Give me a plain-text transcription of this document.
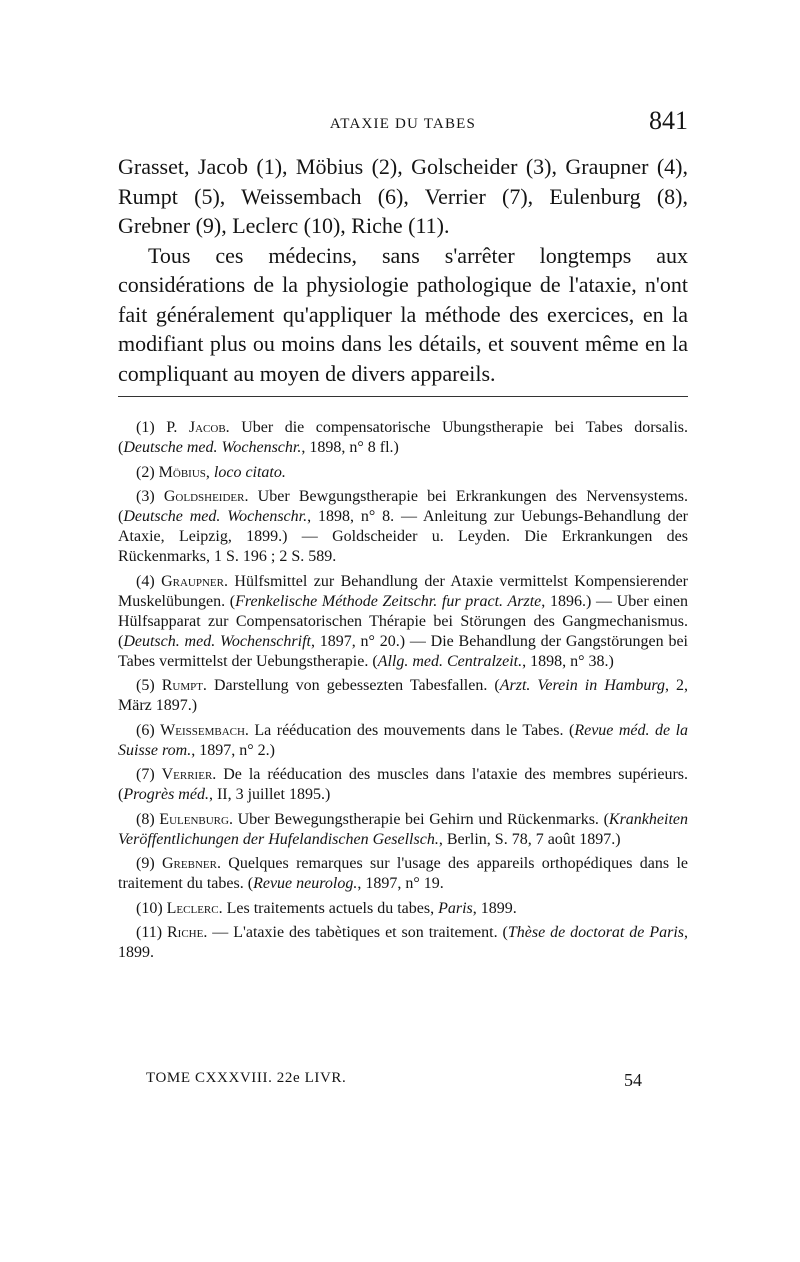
ATAXIE DU TABES	841

Grasset, Jacob (1), Möbius (2), Golscheider (3), Graupner (4), Rumpt (5), Weissembach (6), Verrier (7), Eulenburg (8), Grebner (9), Leclerc (10), Riche (11).

Tous ces médecins, sans s'arrêter longtemps aux considérations de la physiologie pathologique de l'ataxie, n'ont fait généralement qu'appliquer la méthode des exercices, en la modifiant plus ou moins dans les détails, et souvent même en la compliquant au moyen de divers appareils.

(1) P. Jacob. Uber die compensatorische Ubungstherapie bei Tabes dorsalis. (Deutsche med. Wochenschr., 1898, n° 8 fl.)

(2) Möbius, loco citato.

(3) Goldsheider. Uber Bewgungstherapie bei Erkrankungen des Nervensystems. (Deutsche med. Wochenschr., 1898, n° 8. — Anleitung zur Uebungs-Behandlung der Ataxie, Leipzig, 1899.) — Goldscheider u. Leyden. Die Erkrankungen des Rückenmarks, 1 S. 196 ; 2 S. 589.

(4) Graupner. Hülfsmittel zur Behandlung der Ataxie vermittelst Kompensierender Muskelübungen. (Frenkelische Méthode Zeitschr. fur pract. Arzte, 1896.) — Uber einen Hülfsapparat zur Compensatorischen Thérapie bei Störungen des Gangmechanismus. (Deutsch. med. Wochenschrift, 1897, n° 20.) — Die Behandlung der Gangstörungen bei Tabes vermittelst der Uebungstherapie. (Allg. med. Centralzeit., 1898, n° 38.)

(5) Rumpt. Darstellung von gebessezten Tabesfallen. (Arzt. Verein in Hamburg, 2, März 1897.)

(6) Weissembach. La rééducation des mouvements dans le Tabes. (Revue méd. de la Suisse rom., 1897, n° 2.)

(7) Verrier. De la rééducation des muscles dans l'ataxie des membres supérieurs. (Progrès méd., II, 3 juillet 1895.)

(8) Eulenburg. Uber Bewegungstherapie bei Gehirn und Rückenmarks. (Krankheiten Veröffentlichungen der Hufelandischen Gesellsch., Berlin, S. 78, 7 août 1897.)

(9) Grebner. Quelques remarques sur l'usage des appareils orthopédiques dans le traitement du tabes. (Revue neurolog., 1897, n° 19.

(10) Leclerc. Les traitements actuels du tabes, Paris, 1899.

(11) Riche. — L'ataxie des tabètiques et son traitement. (Thèse de doctorat de Paris, 1899.

TOME CXXXVIII. 22e LIVR.	54
